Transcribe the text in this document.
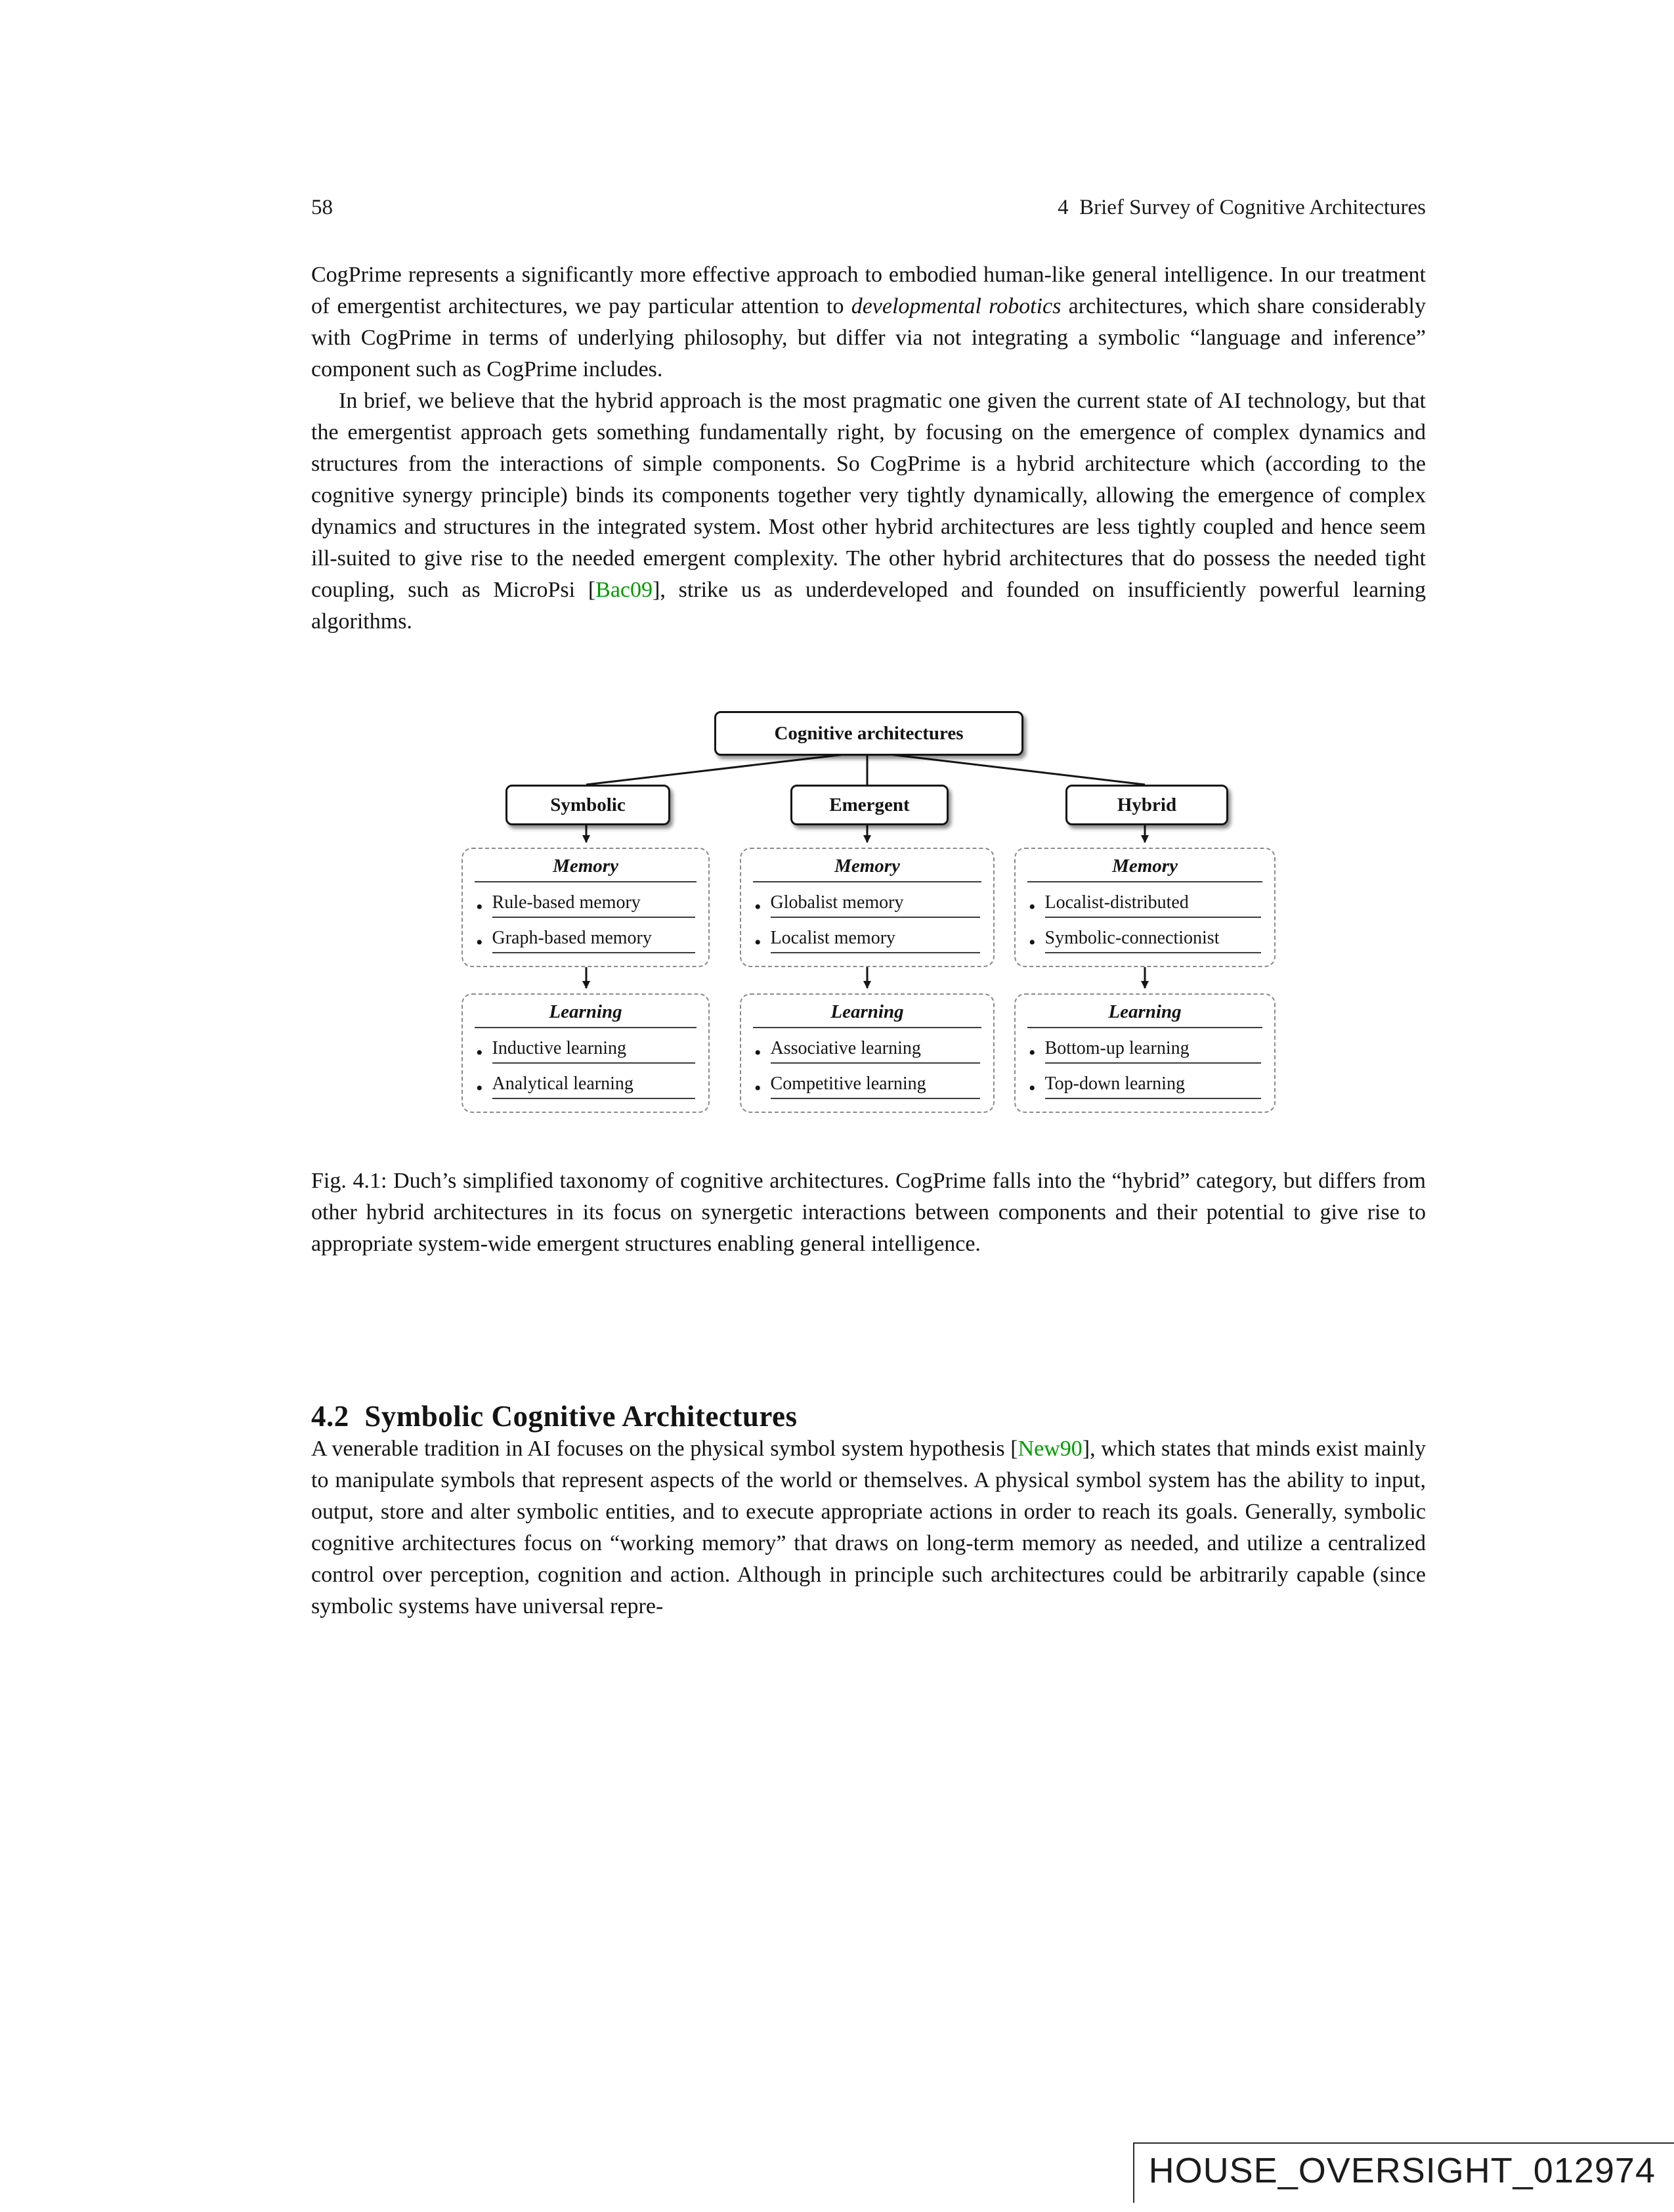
58	4  Brief Survey of Cognitive Architectures

CogPrime represents a significantly more effective approach to embodied human-like general intelligence. In our treatment of emergentist architectures, we pay particular attention to developmental robotics architectures, which share considerably with CogPrime in terms of underlying philosophy, but differ via not integrating a symbolic “language and inference” component such as CogPrime includes.

In brief, we believe that the hybrid approach is the most pragmatic one given the current state of AI technology, but that the emergentist approach gets something fundamentally right, by focusing on the emergence of complex dynamics and structures from the interactions of simple components. So CogPrime is a hybrid architecture which (according to the cognitive synergy principle) binds its components together very tightly dynamically, allowing the emergence of complex dynamics and structures in the integrated system. Most other hybrid architectures are less tightly coupled and hence seem ill-suited to give rise to the needed emergent complexity. The other hybrid architectures that do possess the needed tight coupling, such as MicroPsi [Bac09], strike us as underdeveloped and founded on insufficiently powerful learning algorithms.

Cognitive architectures
Symbolic	Emergent	Hybrid
Memory
• Rule-based memory
• Graph-based memory
Learning
• Inductive learning
• Analytical learning
Memory
• Globalist memory
• Localist memory
Learning
• Associative learning
• Competitive learning
Memory
• Localist-distributed
• Symbolic-connectionist
Learning
• Bottom-up learning
• Top-down learning

Fig. 4.1: Duch’s simplified taxonomy of cognitive architectures. CogPrime falls into the “hybrid” category, but differs from other hybrid architectures in its focus on synergetic interactions between components and their potential to give rise to appropriate system-wide emergent structures enabling general intelligence.

4.2  Symbolic Cognitive Architectures

A venerable tradition in AI focuses on the physical symbol system hypothesis [New90], which states that minds exist mainly to manipulate symbols that represent aspects of the world or themselves. A physical symbol system has the ability to input, output, store and alter symbolic entities, and to execute appropriate actions in order to reach its goals. Generally, symbolic cognitive architectures focus on “working memory” that draws on long-term memory as needed, and utilize a centralized control over perception, cognition and action. Although in principle such architectures could be arbitrarily capable (since symbolic systems have universal repre-

HOUSE_OVERSIGHT_012974
